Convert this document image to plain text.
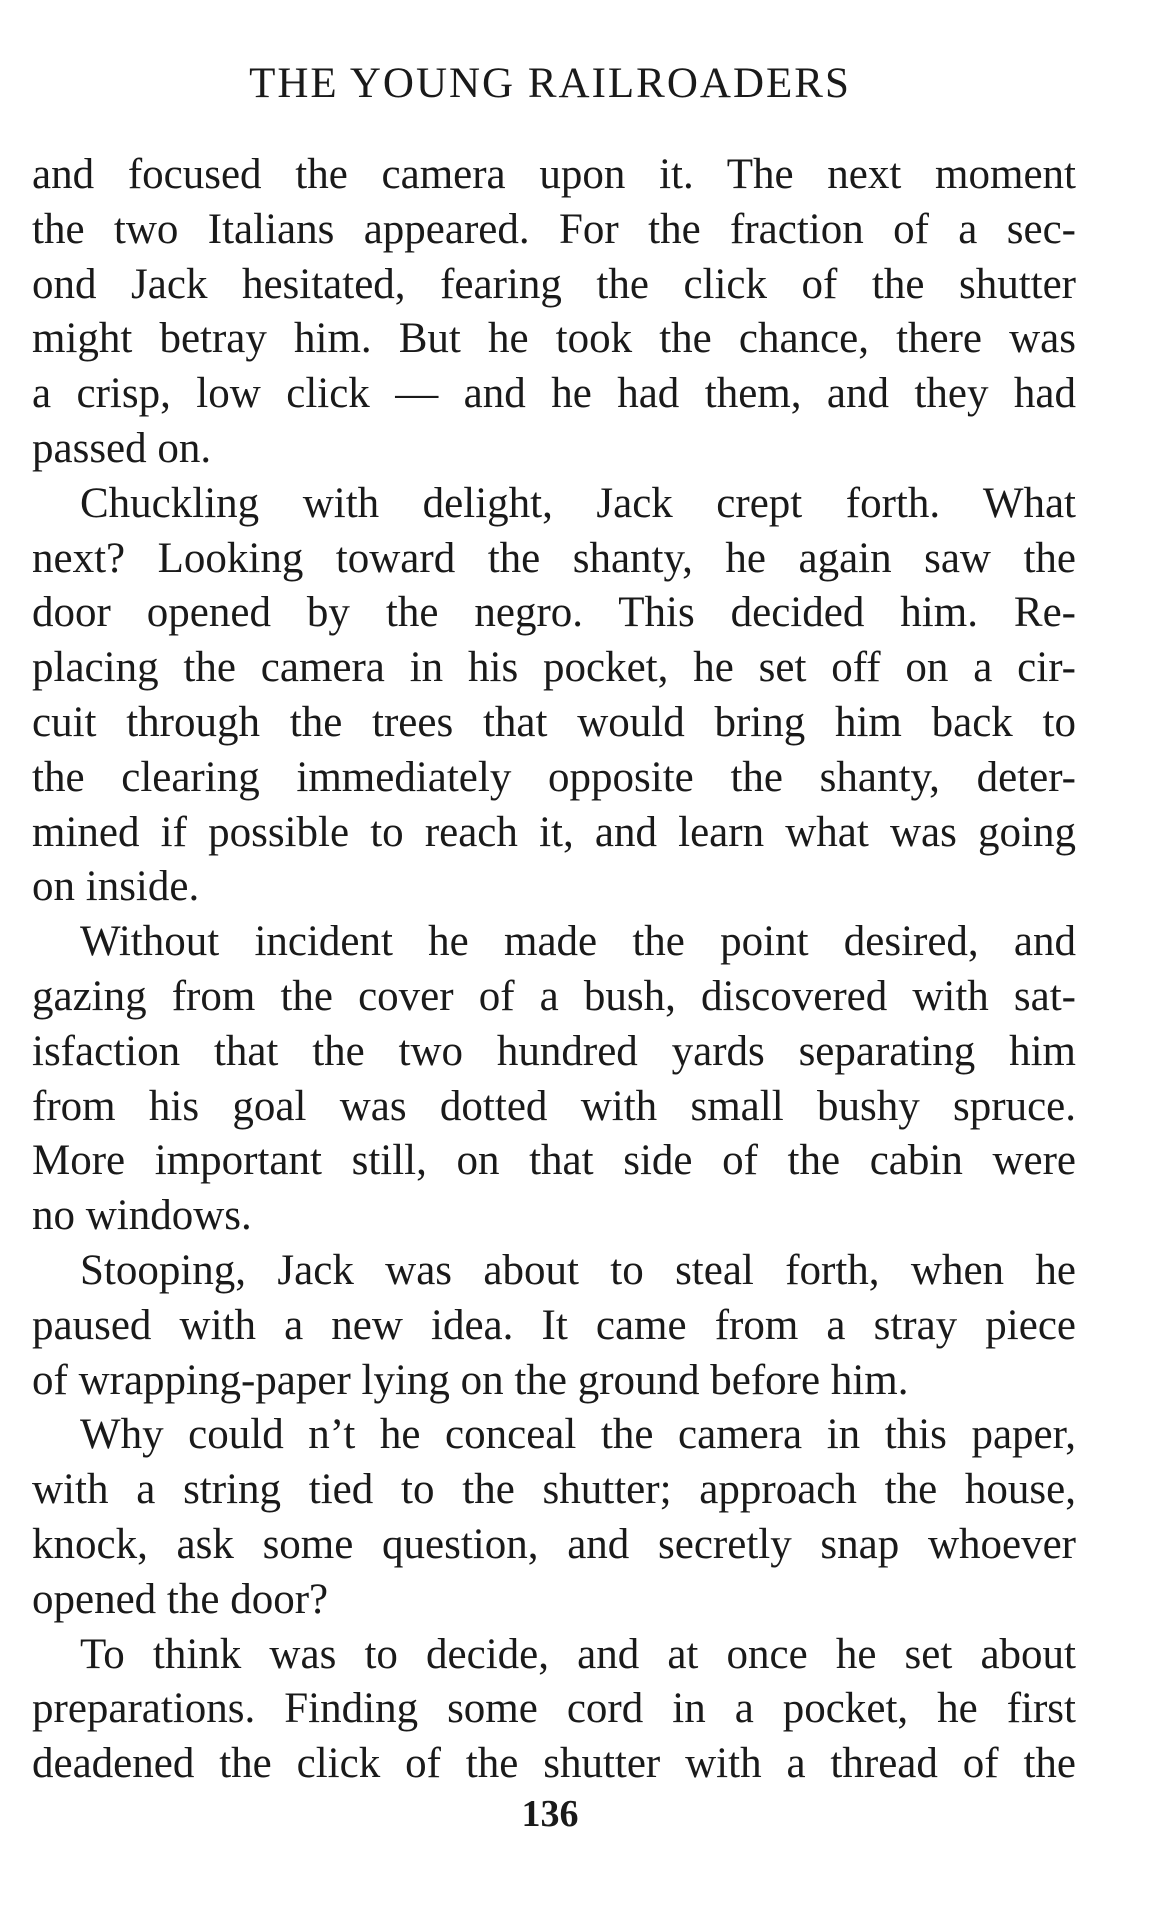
THE YOUNG RAILROADERS
and focused the camera upon it. The next moment
the two Italians appeared. For the fraction of a sec-
ond Jack hesitated, fearing the click of the shutter
might betray him. But he took the chance, there was
a crisp, low click — and he had them, and they had
passed on.
Chuckling with delight, Jack crept forth. What
next? Looking toward the shanty, he again saw the
door opened by the negro. This decided him. Re-
placing the camera in his pocket, he set off on a cir-
cuit through the trees that would bring him back to
the clearing immediately opposite the shanty, deter-
mined if possible to reach it, and learn what was going
on inside.
Without incident he made the point desired, and
gazing from the cover of a bush, discovered with sat-
isfaction that the two hundred yards separating him
from his goal was dotted with small bushy spruce.
More important still, on that side of the cabin were
no windows.
Stooping, Jack was about to steal forth, when he
paused with a new idea. It came from a stray piece
of wrapping-paper lying on the ground before him.
Why could n’t he conceal the camera in this paper,
with a string tied to the shutter; approach the house,
knock, ask some question, and secretly snap whoever
opened the door?
To think was to decide, and at once he set about
preparations. Finding some cord in a pocket, he first
deadened the click of the shutter with a thread of the
136
